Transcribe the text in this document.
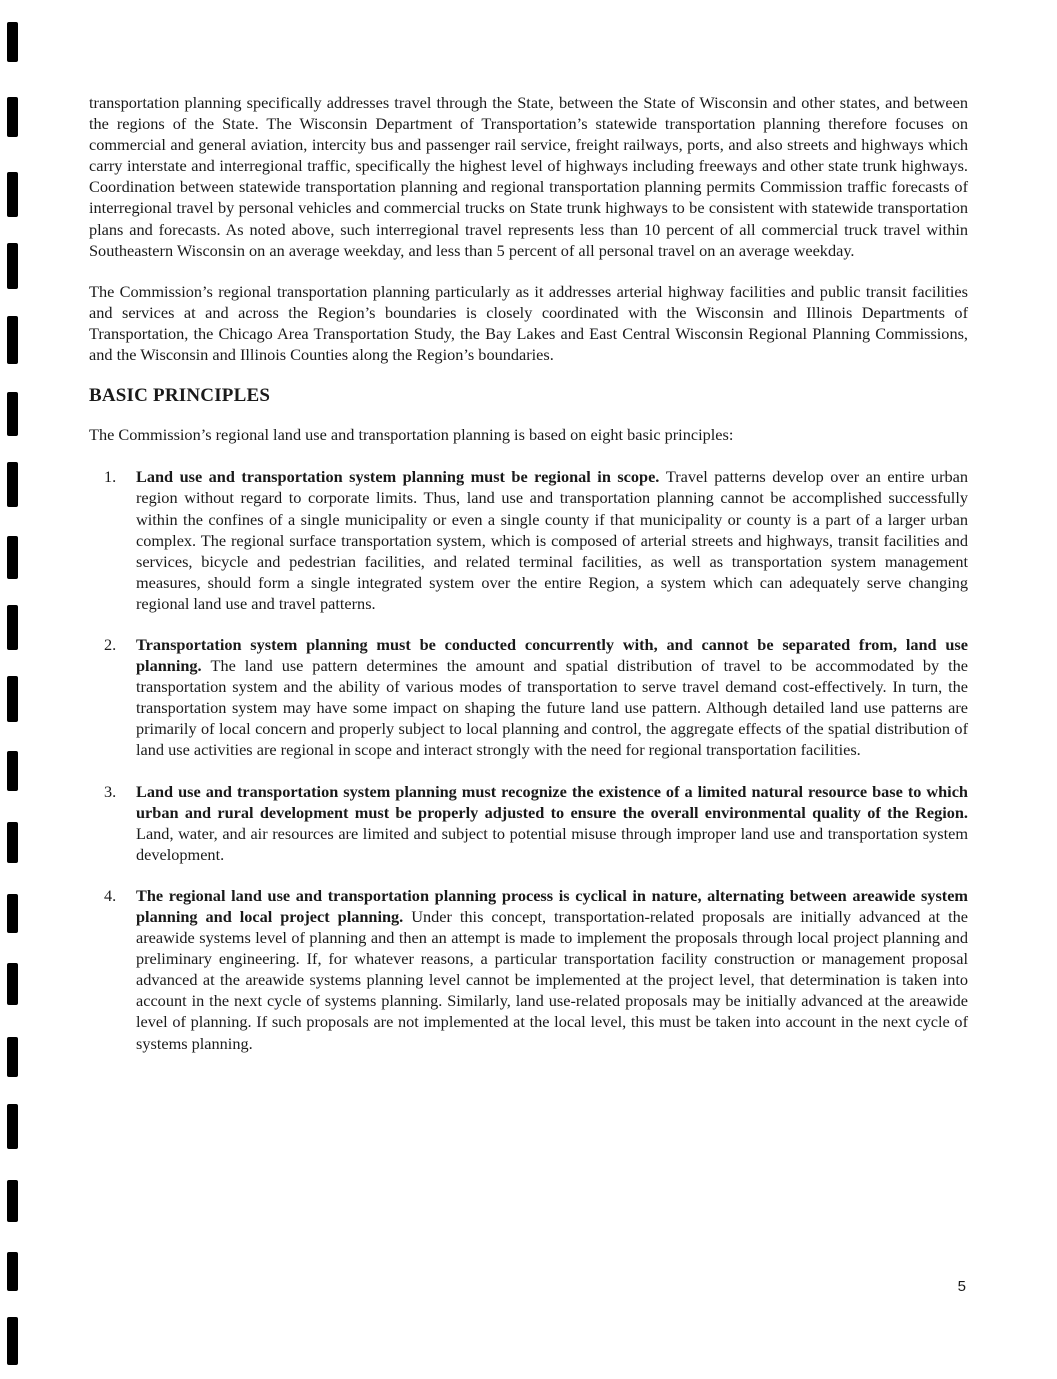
transportation planning specifically addresses travel through the State, between the State of Wisconsin and other states, and between the regions of the State. The Wisconsin Department of Transportation’s statewide transportation planning therefore focuses on commercial and general aviation, intercity bus and passenger rail service, freight railways, ports, and also streets and highways which carry interstate and interregional traffic, specifically the highest level of highways including freeways and other state trunk highways. Coordination between statewide transportation planning and regional transportation planning permits Commission traffic forecasts of interregional travel by personal vehicles and commercial trucks on State trunk highways to be consistent with statewide transportation plans and forecasts. As noted above, such interregional travel represents less than 10 percent of all commercial truck travel within Southeastern Wisconsin on an average weekday, and less than 5 percent of all personal travel on an average weekday.

The Commission’s regional transportation planning particularly as it addresses arterial highway facilities and public transit facilities and services at and across the Region’s boundaries is closely coordinated with the Wisconsin and Illinois Departments of Transportation, the Chicago Area Transportation Study, the Bay Lakes and East Central Wisconsin Regional Planning Commissions, and the Wisconsin and Illinois Counties along the Region’s boundaries.

BASIC PRINCIPLES

The Commission’s regional land use and transportation planning is based on eight basic principles:

1. Land use and transportation system planning must be regional in scope. Travel patterns develop over an entire urban region without regard to corporate limits. Thus, land use and transportation planning cannot be accomplished successfully within the confines of a single municipality or even a single county if that municipality or county is a part of a larger urban complex. The regional surface transportation system, which is composed of arterial streets and highways, transit facilities and services, bicycle and pedestrian facilities, and related terminal facilities, as well as transportation system management measures, should form a single integrated system over the entire Region, a system which can adequately serve changing regional land use and travel patterns.
2. Transportation system planning must be conducted concurrently with, and cannot be separated from, land use planning. The land use pattern determines the amount and spatial distribution of travel to be accommodated by the transportation system and the ability of various modes of transportation to serve travel demand cost-effectively. In turn, the transportation system may have some impact on shaping the future land use pattern. Although detailed land use patterns are primarily of local concern and properly subject to local planning and control, the aggregate effects of the spatial distribution of land use activities are regional in scope and interact strongly with the need for regional transportation facilities.
3. Land use and transportation system planning must recognize the existence of a limited natural resource base to which urban and rural development must be properly adjusted to ensure the overall environmental quality of the Region. Land, water, and air resources are limited and subject to potential misuse through improper land use and transportation system development.
4. The regional land use and transportation planning process is cyclical in nature, alternating between areawide system planning and local project planning. Under this concept, transportation-related proposals are initially advanced at the areawide systems level of planning and then an attempt is made to implement the proposals through local project planning and preliminary engineering. If, for whatever reasons, a particular transportation facility construction or management proposal advanced at the areawide systems planning level cannot be implemented at the project level, that determination is taken into account in the next cycle of systems planning. Similarly, land use-related proposals may be initially advanced at the areawide level of planning. If such proposals are not implemented at the local level, this must be taken into account in the next cycle of systems planning.
5
